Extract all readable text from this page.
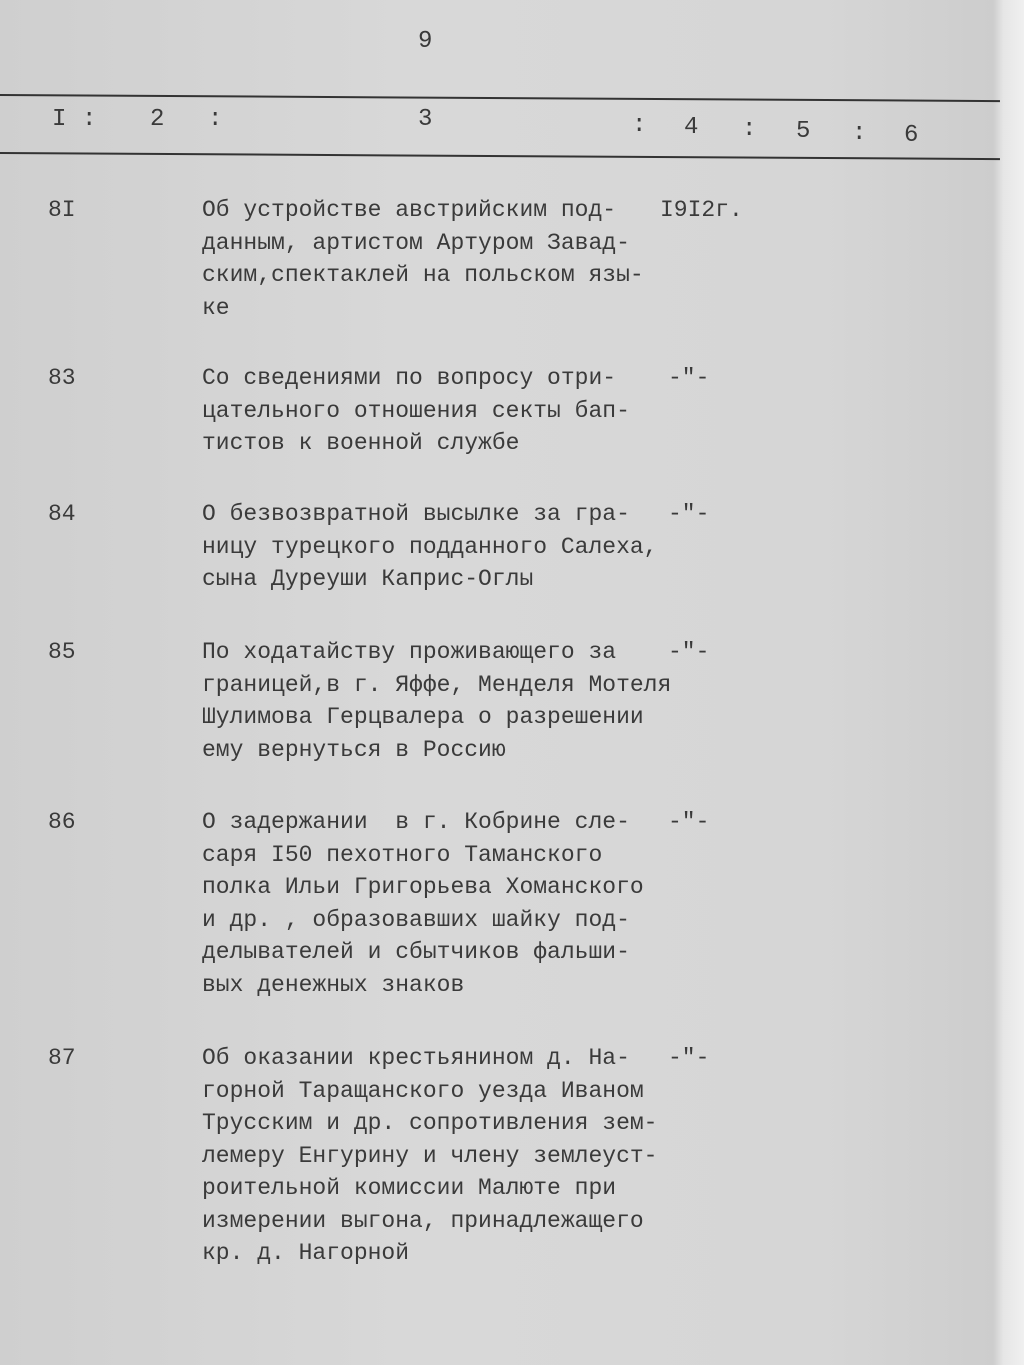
9
I : 2 :	3	: 4 : 5 : 6
8I	Об устройстве австрийским под-
данным, артистом Артуром Завад-
ским,спектаклей на польском язы-
ке
I9I2г.
83	Со сведениями по вопросу отри-
цательного отношения секты бап-
тистов к военной службе
-"-
84	О безвозвратной высылке за гра-
ницу турецкого подданного Салеха,
сына Дуреуши Каприс-Оглы
-"-
85	По ходатайству проживающего за
границей,в г. Яффе, Менделя Мотеля
Шулимова Герцвалера о разрешении
ему вернуться в Россию
-"-
86	О задержании  в г. Кобрине сле-
саря I50 пехотного Таманского
полка Ильи Григорьева Хоманского
и др. , образовавших шайку под-
делывателей и сбытчиков фальши-
вых денежных знаков
-"-
87	Об оказании крестьянином д. На-
горной Таращанского уезда Иваном
Трусским и др. сопротивления зем-
лемеру Енгурину и члену землеуст-
роительной комиссии Малюте при
измерении выгона, принадлежащего
кр. д. Нагорной
-"-
